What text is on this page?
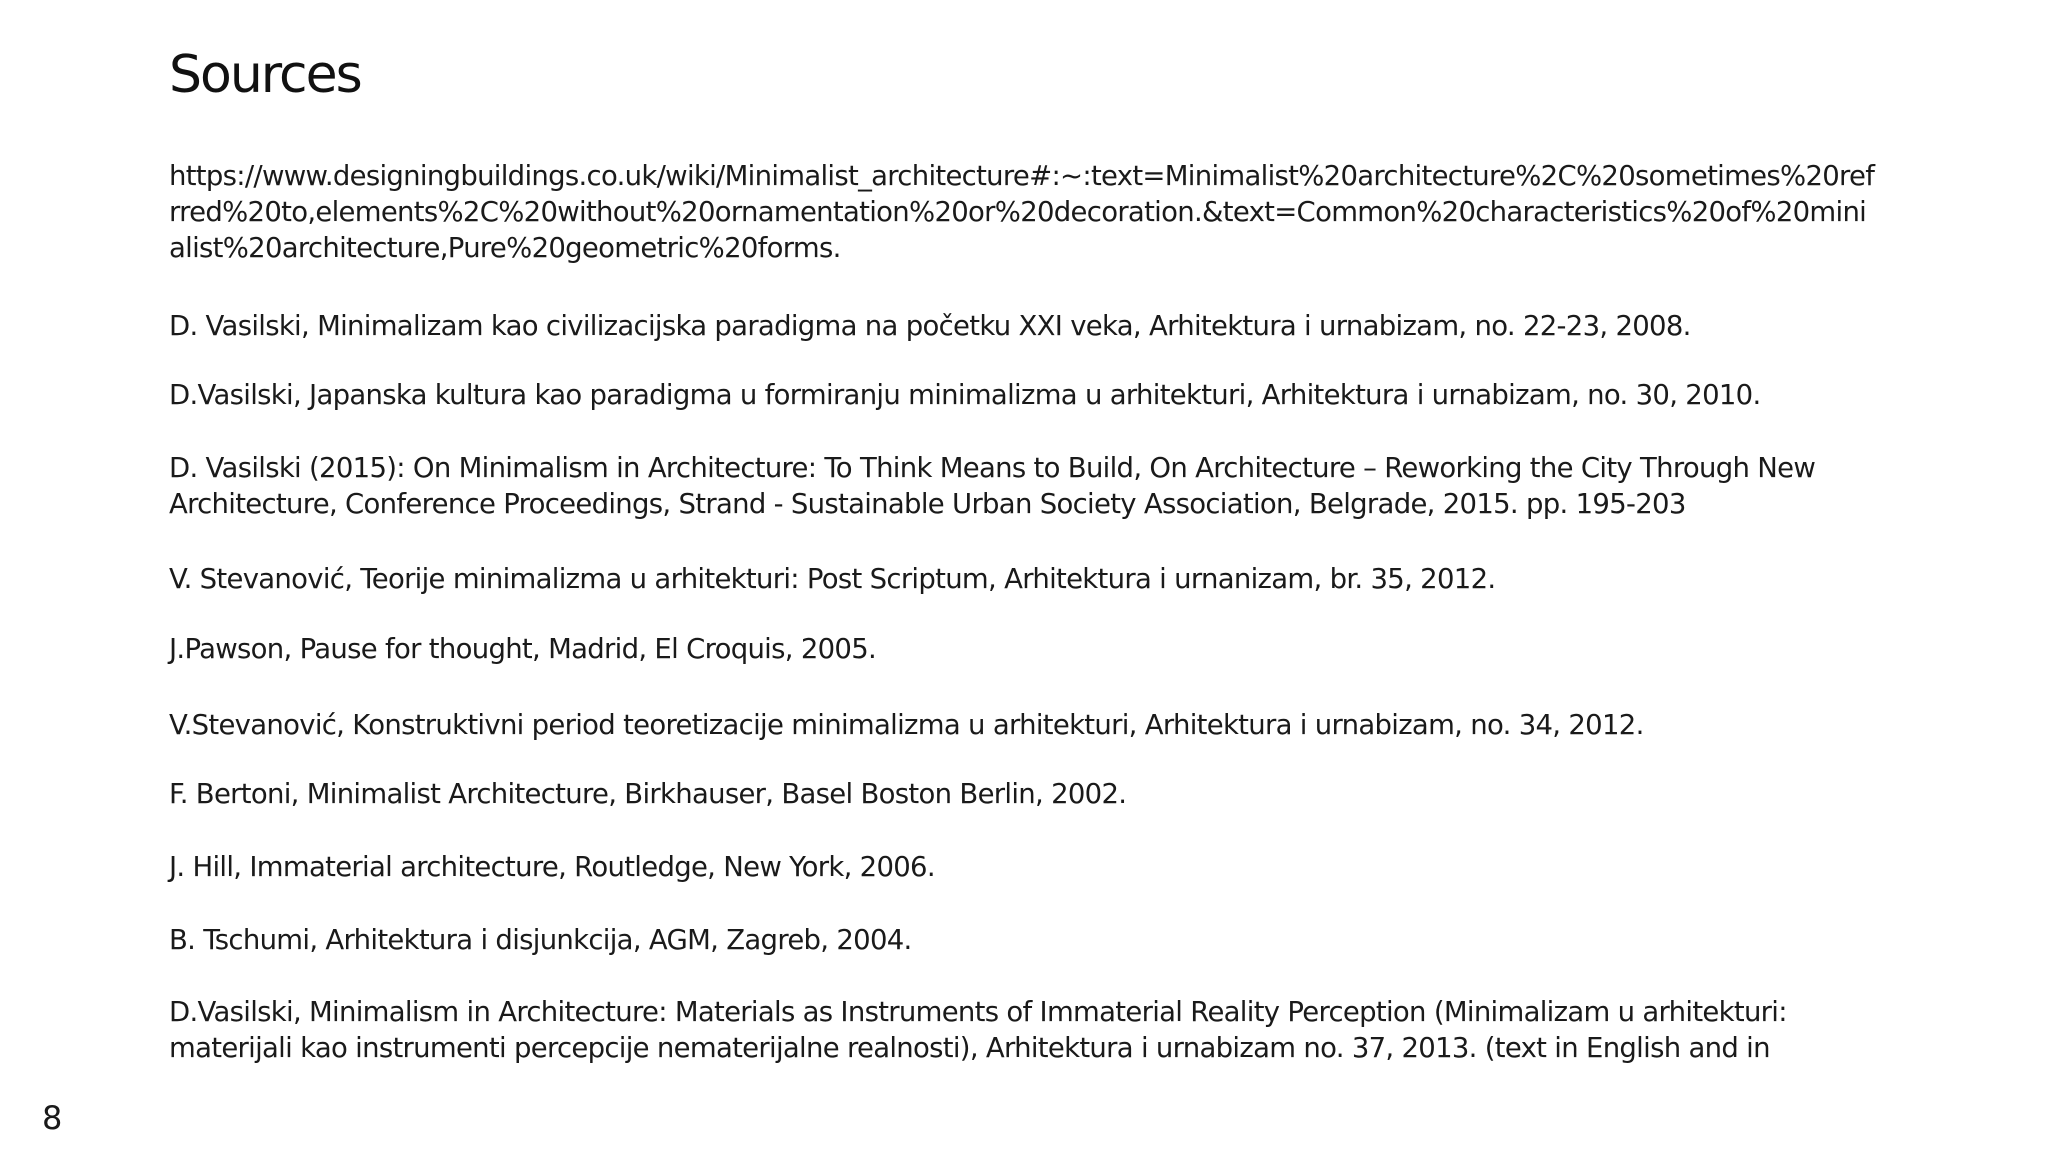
Sources

https://www.designingbuildings.co.uk/wiki/Minimalist_architecture#:~:text=Minimalist%20architecture%2C%20sometimes%20ref
rred%20to,elements%2C%20without%20ornamentation%20or%20decoration.&text=Common%20characteristics%20of%20mini
alist%20architecture,Pure%20geometric%20forms.

D. Vasilski, Minimalizam kao civilizacijska paradigma na početku XXI veka, Arhitektura i urnabizam, no. 22-23, 2008.

D.Vasilski, Japanska kultura kao paradigma u formiranju minimalizma u arhitekturi, Arhitektura i urnabizam, no. 30, 2010.

D. Vasilski (2015): On Minimalism in Architecture: To Think Means to Build, On Architecture – Reworking the City Through New
Architecture, Conference Proceedings, Strand - Sustainable Urban Society Association, Belgrade, 2015. pp. 195-203

V. Stevanović, Teorije minimalizma u arhitekturi: Post Scriptum, Arhitektura i urnanizam, br. 35, 2012.

J.Pawson, Pause for thought, Madrid, El Croquis, 2005.

V.Stevanović, Konstruktivni period teoretizacije minimalizma u arhitekturi, Arhitektura i urnabizam, no. 34, 2012.

F. Bertoni, Minimalist Architecture, Birkhauser, Basel Boston Berlin, 2002.

J. Hill, Immaterial architecture, Routledge, New York, 2006.

B. Tschumi, Arhitektura i disjunkcija, AGM, Zagreb, 2004.

D.Vasilski, Minimalism in Architecture: Materials as Instruments of Immaterial Reality Perception (Minimalizam u arhitekturi:
materijali kao instrumenti percepcije nematerijalne realnosti), Arhitektura i urnabizam no. 37, 2013. (text in English and in

8
